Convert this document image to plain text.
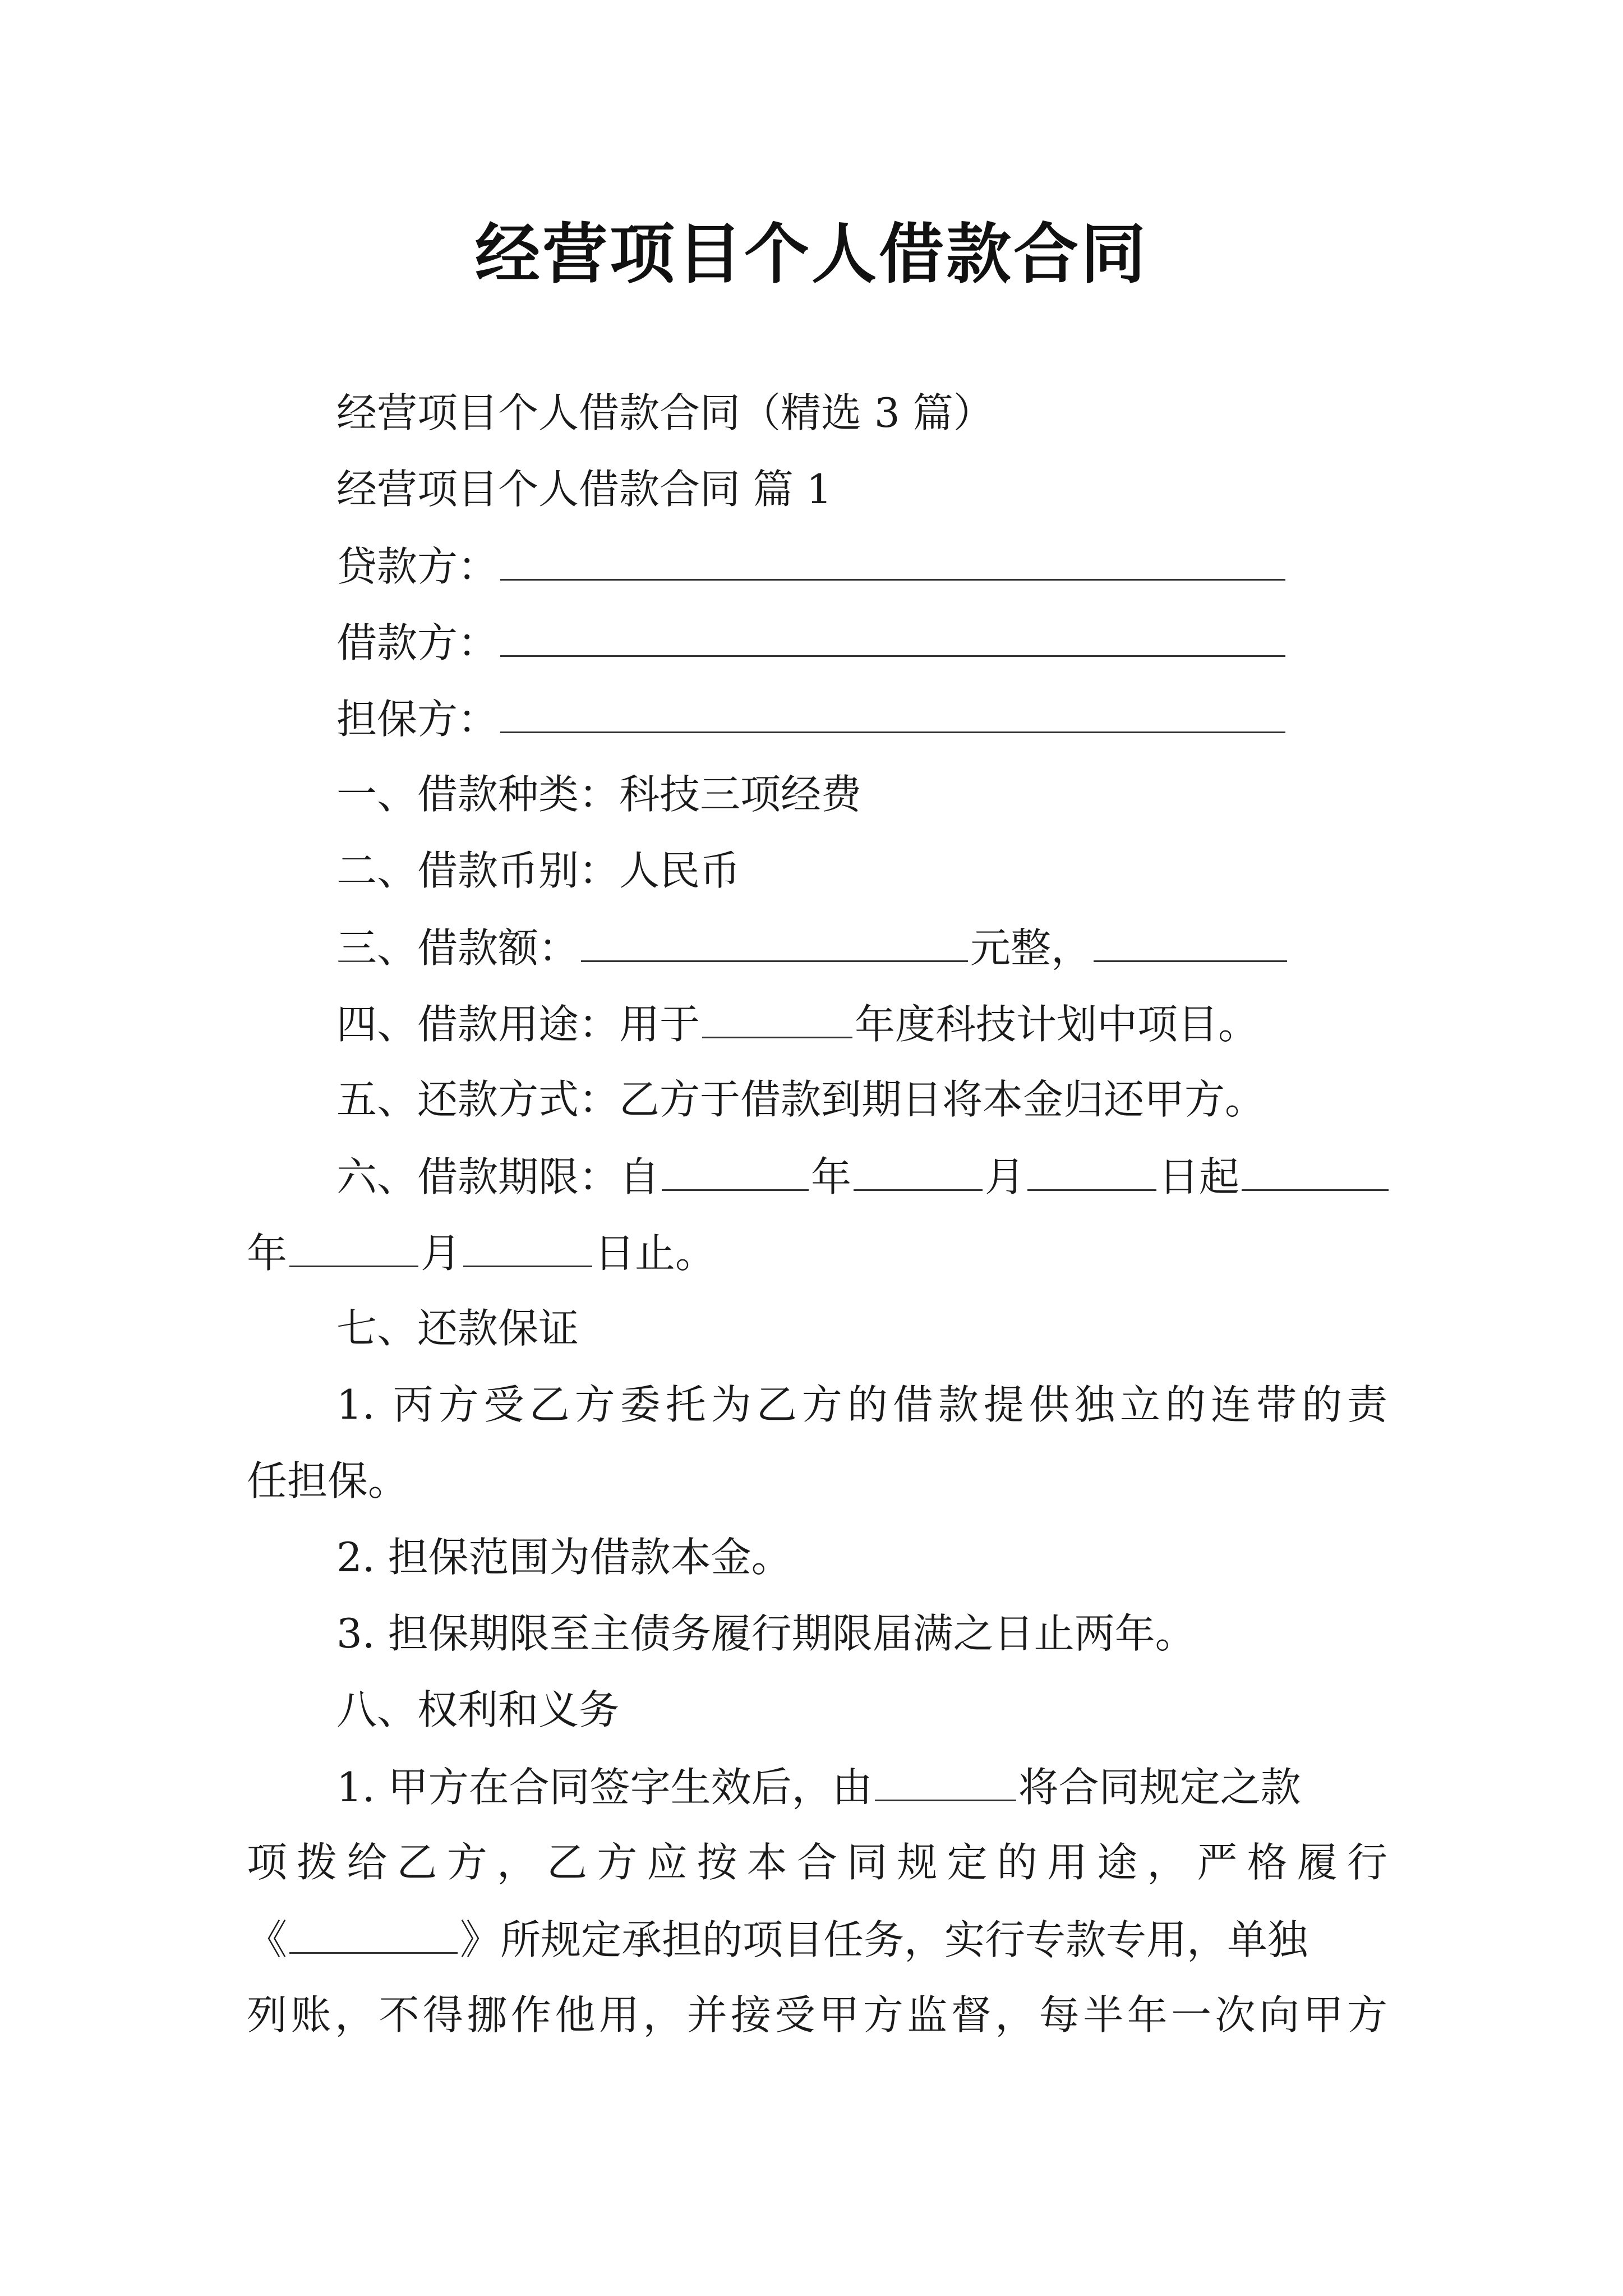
经营项目个人借款合同
经营项目个人借款合同（精选 3 篇）
经营项目个人借款合同 篇 1
贷款方：
借款方：
担保方：
一、借款种类：科技三项经费
二、借款币别：人民币
三、借款额：	元整，
四、借款用途：用于	年度科技计划中项目。
五、还款方式：乙方于借款到期日将本金归还甲方。
六、借款期限：自	年	月	日起
年	月	日止。
七、还款保证
1. 丙方受乙方委托为乙方的借款提供独立的连带的责
任担保。
2. 担保范围为借款本金。
3. 担保期限至主债务履行期限届满之日止两年。
八、权利和义务
1. 甲方在合同签字生效后，由	将合同规定之款
项拨给乙方，乙方应按本合同规定的用途，严格履行
《	》所规定承担的项目任务，实行专款专用，单独
列账，不得挪作他用，并接受甲方监督，每半年一次向甲方
